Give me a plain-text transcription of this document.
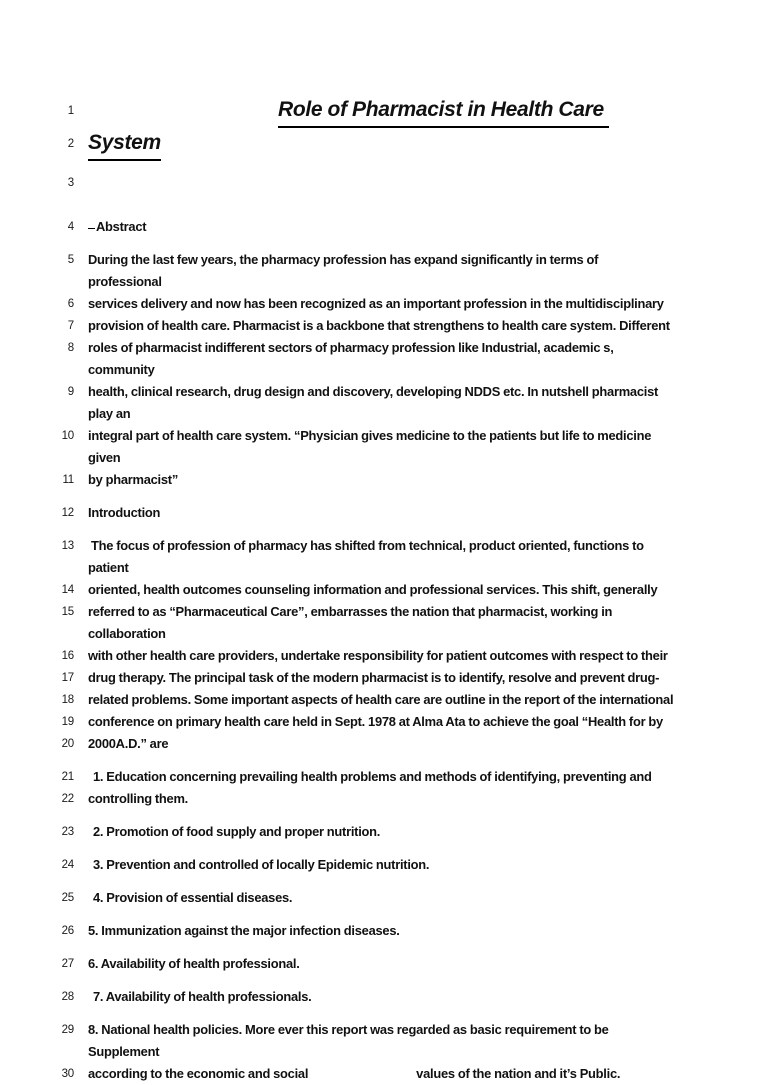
1	Role of Pharmacist in Health Care
2 System
3

4	Abstract
5 During the last few years, the pharmacy profession has expand significantly in terms of professional
6 services delivery and now has been recognized as an important profession in the multidisciplinary
7 provision of health care. Pharmacist is a backbone that strengthens to health care system. Different
8 roles of pharmacist indifferent sectors of pharmacy profession like Industrial, academic s, community
9 health, clinical research, drug design and discovery, developing NDDS etc. In nutshell pharmacist play an
10 integral part of health care system. “Physician gives medicine to the patients but life to medicine given
11 by pharmacist”
12 Introduction
13 The focus of profession of pharmacy has shifted from technical, product oriented, functions to patient
14 oriented, health outcomes counseling information and professional services. This shift, generally
15 referred to as “Pharmaceutical Care”, embarrasses the nation that pharmacist, working in collaboration
16 with other health care providers, undertake responsibility for patient outcomes with respect to their
17 drug therapy. The principal task of the modern pharmacist is to identify, resolve and prevent drug-
18 related problems. Some important aspects of health care are outline in the report of the international
19 conference on primary health care held in Sept. 1978 at Alma Ata to achieve the goal “Health for by
20 2000A.D.” are
21	1. Education concerning prevailing health problems and methods of identifying, preventing and
22 controlling them.
23	2. Promotion of food supply and proper nutrition.
24	3. Prevention and controlled of locally Epidemic nutrition.
25	4. Provision of essential diseases.
26 5. Immunization against the major infection diseases.
27 6. Availability of health professional.
28	7. Availability of health professionals.
29 8. National health policies. More ever this report was regarded as basic requirement to be Supplement
30 according to the economic and social	values of the nation and it’s Public.
